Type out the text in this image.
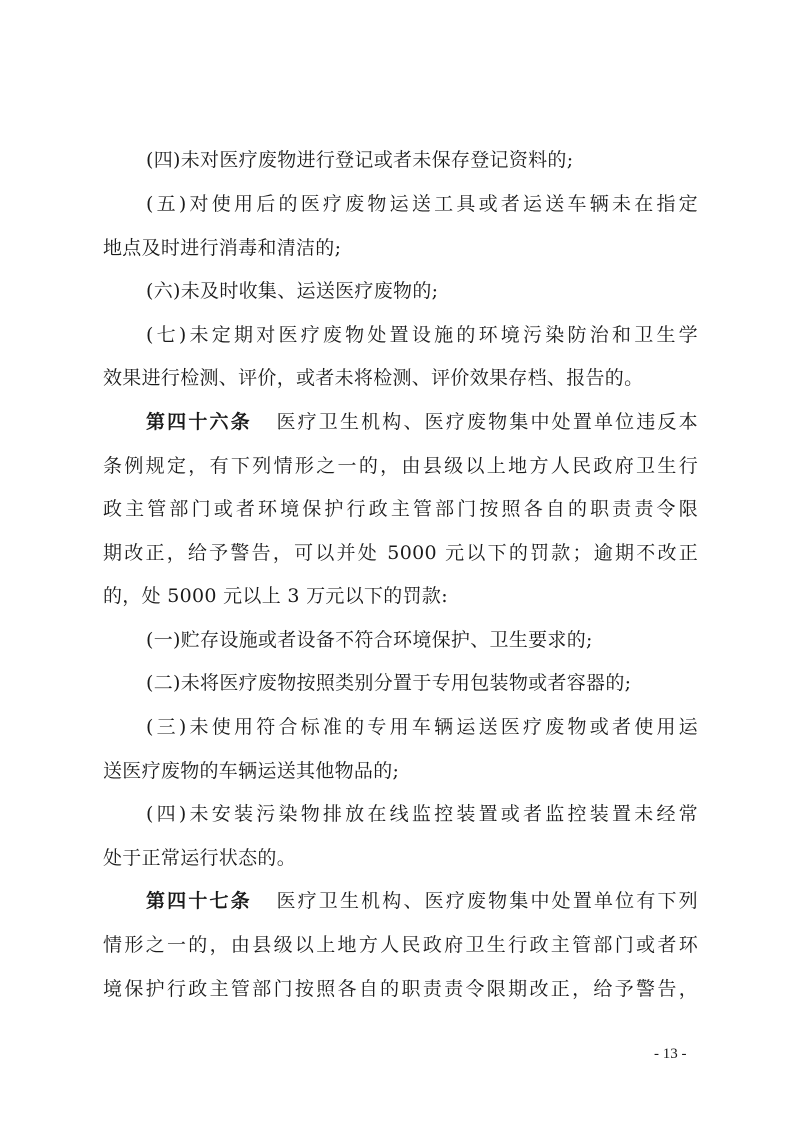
(四)未对医疗废物进行登记或者未保存登记资料的;
(五)对使用后的医疗废物运送工具或者运送车辆未在指定
地点及时进行消毒和清洁的;
(六)未及时收集、运送医疗废物的;
(七)未定期对医疗废物处置设施的环境污染防治和卫生学
效果进行检测、评价，或者未将检测、评价效果存档、报告的。
第四十六条 医疗卫生机构、医疗废物集中处置单位违反本
条例规定，有下列情形之一的，由县级以上地方人民政府卫生行
政主管部门或者环境保护行政主管部门按照各自的职责责令限
期改正，给予警告，可以并处 5000 元以下的罚款；逾期不改正
的，处 5000 元以上 3 万元以下的罚款:
(一)贮存设施或者设备不符合环境保护、卫生要求的;
(二)未将医疗废物按照类别分置于专用包装物或者容器的;
(三)未使用符合标准的专用车辆运送医疗废物或者使用运
送医疗废物的车辆运送其他物品的;
(四)未安装污染物排放在线监控装置或者监控装置未经常
处于正常运行状态的。
第四十七条 医疗卫生机构、医疗废物集中处置单位有下列
情形之一的，由县级以上地方人民政府卫生行政主管部门或者环
境保护行政主管部门按照各自的职责责令限期改正，给予警告，
- 13 -
